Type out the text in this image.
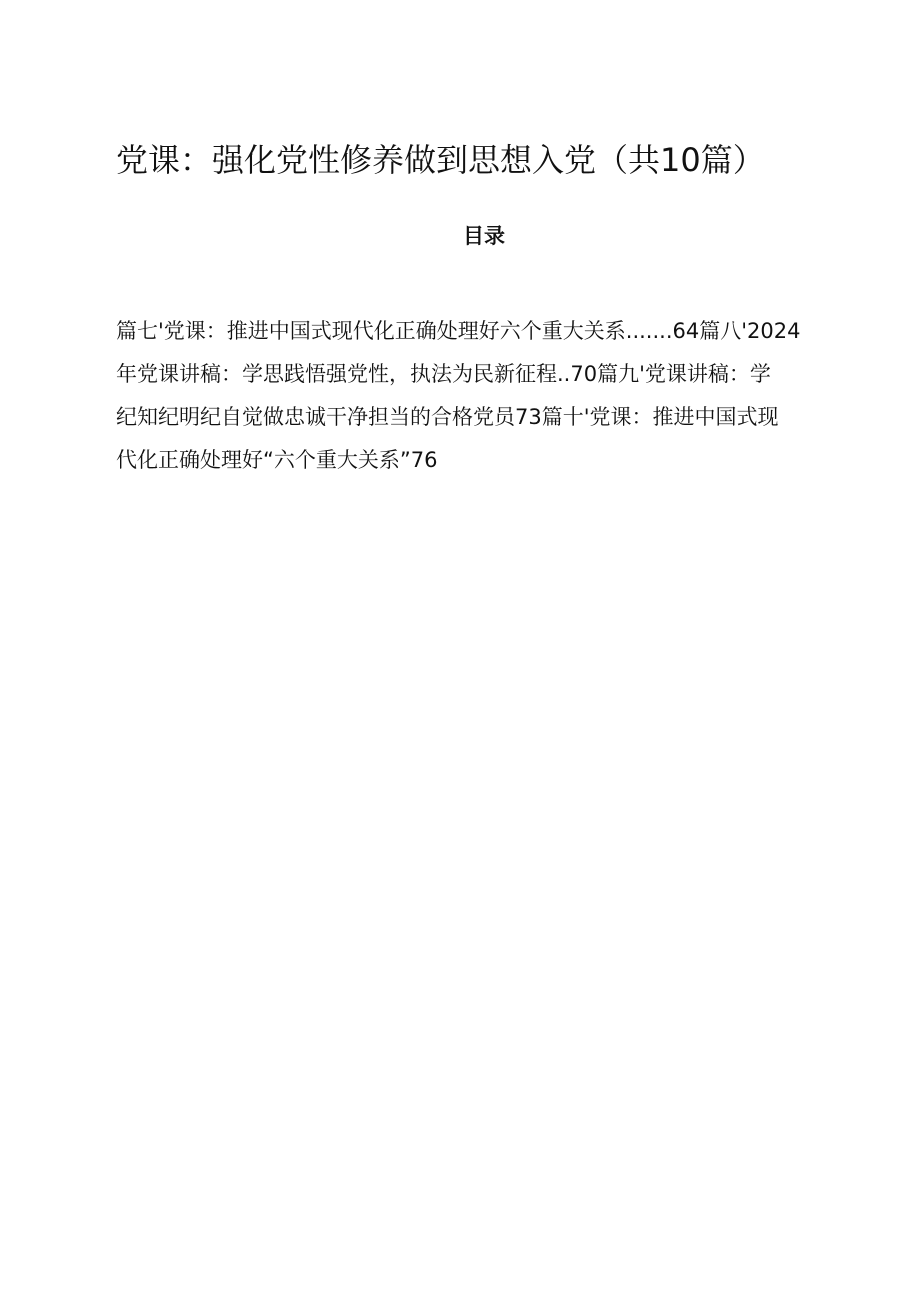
党课：强化党性修养做到思想入党（共10篇）
目录
篇七'党课：推进中国式现代化正确处理好六个重大关系.......64篇八'2024
年党课讲稿：学思践悟强党性，执法为民新征程..70篇九'党课讲稿：学
纪知纪明纪自觉做忠诚干净担当的合格党员73篇十'党课：推进中国式现
代化正确处理好“六个重大关系”76
